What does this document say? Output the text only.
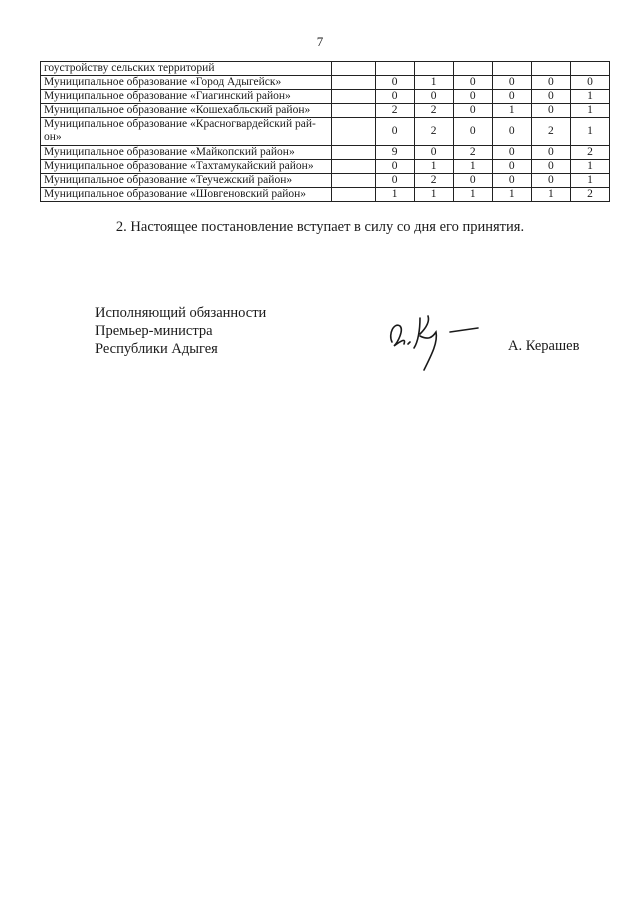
7
гоустройству сельских территорий							
Муниципальное образование «Город Адыгейск»		0	1	0	0	0	0
Муниципальное образование «Гиагинский район»		0	0	0	0	0	1
Муниципальное образование «Кошехабльский район»		2	2	0	1	0	1
Муниципальное образование «Красногвардейский рай-он»		0	2	0	0	2	1
Муниципальное образование «Майкопский район»		9	0	2	0	0	2
Муниципальное образование «Тахтамукайский район»		0	1	1	0	0	1
Муниципальное образование «Теучежский район»		0	2	0	0	0	1
Муниципальное образование «Шовгеновский район»		1	1	1	1	1	2
2. Настоящее постановление вступает в силу со дня его принятия.
Исполняющий обязанности
Премьер-министра
Республики Адыгея	А. Керашев
